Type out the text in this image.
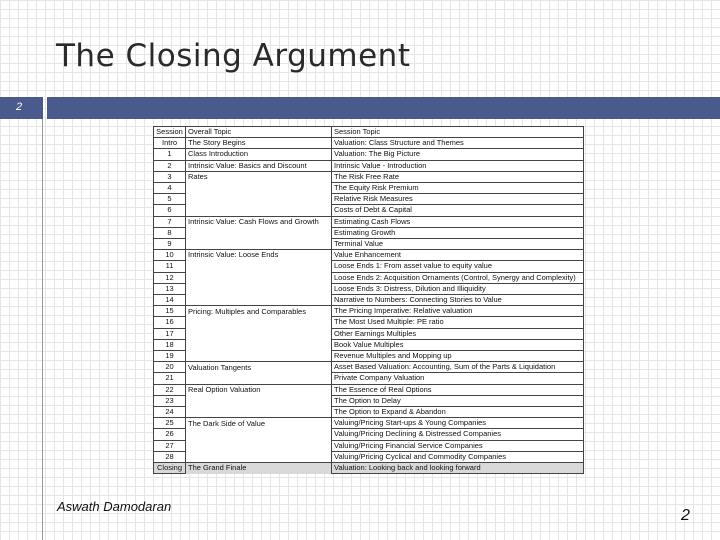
The Closing Argument
2
Session	Overall Topic	Session Topic
Intro	The Story Begins	Valuation: Class Structure and Themes
1	Class Introduction	Valuation: The Big Picture
2	Intrinsic Value: Basics and Discount	Intrinsic Value - Introduction
3	Rates	The Risk Free Rate
4		The Equity Risk Premium
5		Relative Risk Measures
6		Costs of Debt & Capital
7	Intrinsic Value: Cash Flows and Growth	Estimating Cash Flows
8		Estimating Growth
9		Terminal Value
10	Intrinsic Value: Loose Ends	Value Enhancement
11		Loose Ends 1: From asset value to equity value
12		Loose Ends 2: Acquisition Ornaments (Control, Synergy and Complexity)
13		Loose Ends 3: Distress, Dilution and Illiquidity
14		Narrative to Numbers: Connecting Stories to Value
15	Pricing: Multiples and Comparables	The Pricing Imperative: Relative valuation
16		The Most Used Multiple: PE ratio
17		Other Earnings Multiples
18		Book Value Multiples
19		Revenue Multiples and Mopping up
20	Valuation Tangents	Asset Based Valuation: Accounting, Sum of the Parts & Liquidation
21		Private Company Valuation
22	Real Option Valuation	The Essence of Real Options
23		The Option to Delay
24		The Option to Expand & Abandon
25	The Dark Side of Value	Valuing/Pricing Start-ups & Young Companies
26		Valuing/Pricing Declining & Distressed Companies
27		Valuing/Pricing Financial Service Companies
28		Valuing/Pricing Cyclical and Commodity Companies
Closing	The Grand Finale	Valuation: Looking back and looking forward
Aswath Damodaran
2
